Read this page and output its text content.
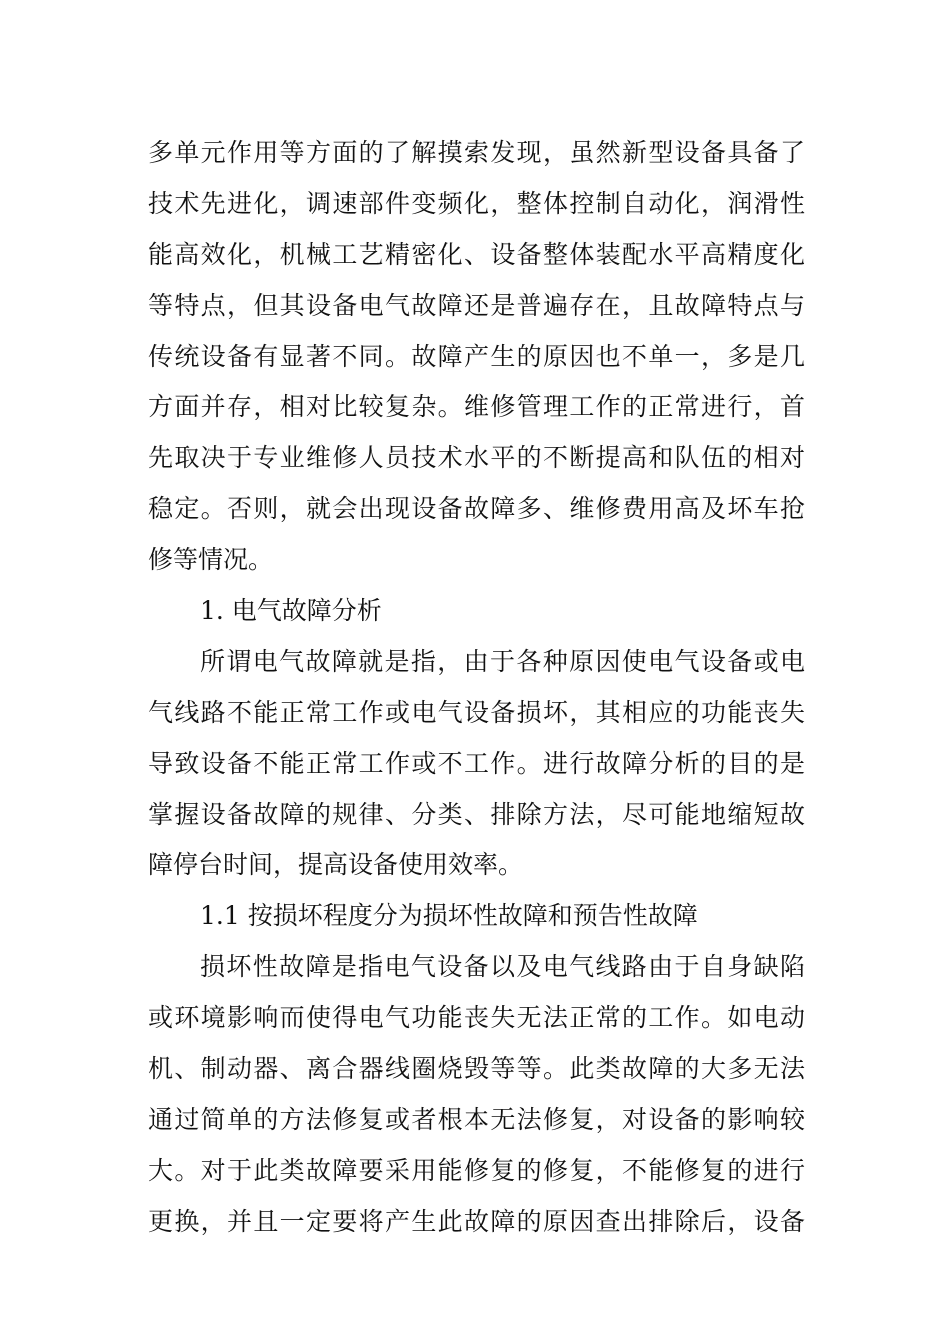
多单元作用等方面的了解摸索发现，虽然新型设备具备了
技术先进化，调速部件变频化，整体控制自动化，润滑性
能高效化，机械工艺精密化、设备整体装配水平高精度化
等特点，但其设备电气故障还是普遍存在，且故障特点与
传统设备有显著不同。故障产生的原因也不单一，多是几
方面并存，相对比较复杂。维修管理工作的正常进行，首
先取决于专业维修人员技术水平的不断提高和队伍的相对
稳定。否则，就会出现设备故障多、维修费用高及坏车抢
修等情况。
1. 电气故障分析
所谓电气故障就是指，由于各种原因使电气设备或电
气线路不能正常工作或电气设备损坏，其相应的功能丧失
导致设备不能正常工作或不工作。进行故障分析的目的是
掌握设备故障的规律、分类、排除方法，尽可能地缩短故
障停台时间，提高设备使用效率。
1.1 按损坏程度分为损坏性故障和预告性故障
损坏性故障是指电气设备以及电气线路由于自身缺陷
或环境影响而使得电气功能丧失无法正常的工作。如电动
机、制动器、离合器线圈烧毁等等。此类故障的大多无法
通过简单的方法修复或者根本无法修复，对设备的影响较
大。对于此类故障要采用能修复的修复，不能修复的进行
更换，并且一定要将产生此故障的原因查出排除后，设备
